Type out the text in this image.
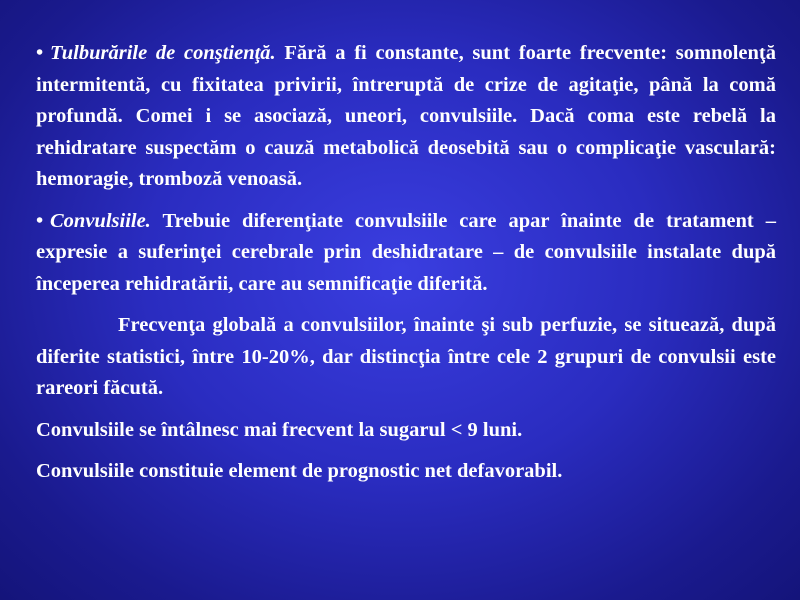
• Tulburările de conştienţă. Fără a fi constante, sunt foarte frecvente: somnolenţă intermitentă, cu fixitatea privirii, întreruptă de crize de agitaţie, până la comă profundă. Comei i se asociază, uneori, convulsiile. Dacă coma este rebelă la rehidratare suspectăm o cauză metabolică deosebită sau o complicaţie vasculară: hemoragie, tromboză venoasă.

• Convulsiile. Trebuie diferenţiate convulsiile care apar înainte de tratament – expresie a suferinţei cerebrale prin deshidratare – de convulsiile instalate după începerea rehidratării, care au semnificaţie diferită.

Frecvenţa globală a convulsiilor, înainte şi sub perfuzie, se situează, după diferite statistici, între 10-20%, dar distincţia între cele 2 grupuri de convulsii este rareori făcută.

Convulsiile se întâlnesc mai frecvent la sugarul < 9 luni.

Convulsiile constituie element de prognostic net defavorabil.
